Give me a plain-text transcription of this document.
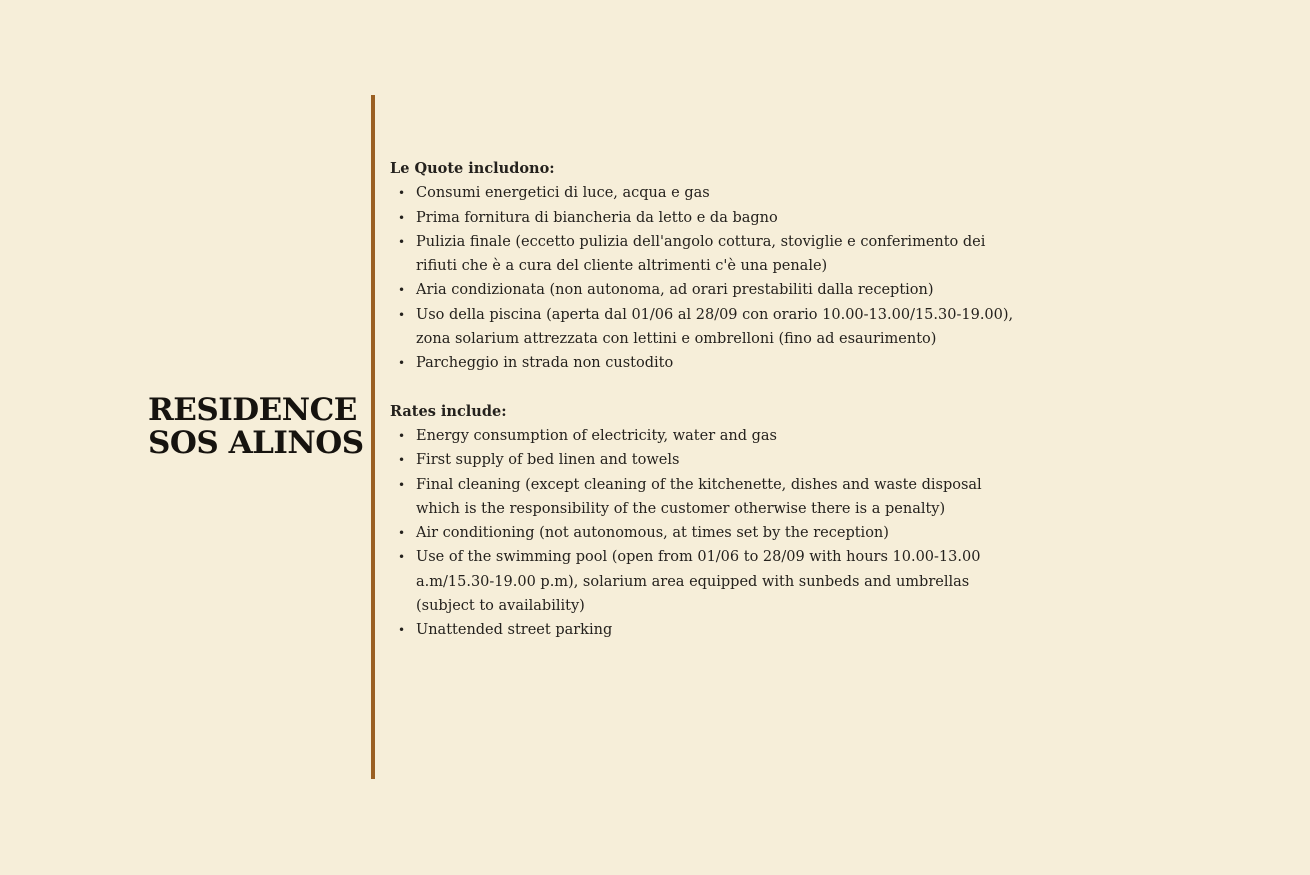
RESIDENCE
SOS ALINOS

Le Quote includono:

• Consumi energetici di luce, acqua e gas
• Prima fornitura di biancheria da letto e da bagno
• Pulizia finale (eccetto pulizia dell'angolo cottura, stoviglie e conferimento dei rifiuti che è a cura del cliente altrimenti c'è una penale)
• Aria condizionata (non autonoma, ad orari prestabiliti dalla reception)
• Uso della piscina (aperta dal 01/06 al 28/09 con orario 10.00-13.00/15.30-19.00), zona solarium attrezzata con lettini e ombrelloni (fino ad esaurimento)
• Parcheggio in strada non custodito

Rates include:

• Energy consumption of electricity, water and gas
• First supply of bed linen and towels
• Final cleaning (except cleaning of the kitchenette, dishes and waste disposal which is the responsibility of the customer otherwise there is a penalty)
• Air conditioning (not autonomous, at times set by the reception)
• Use of the swimming pool (open from 01/06 to 28/09 with hours 10.00-13.00 a.m/15.30-19.00 p.m), solarium area equipped with sunbeds and umbrellas (subject to availability)
• Unattended street parking
